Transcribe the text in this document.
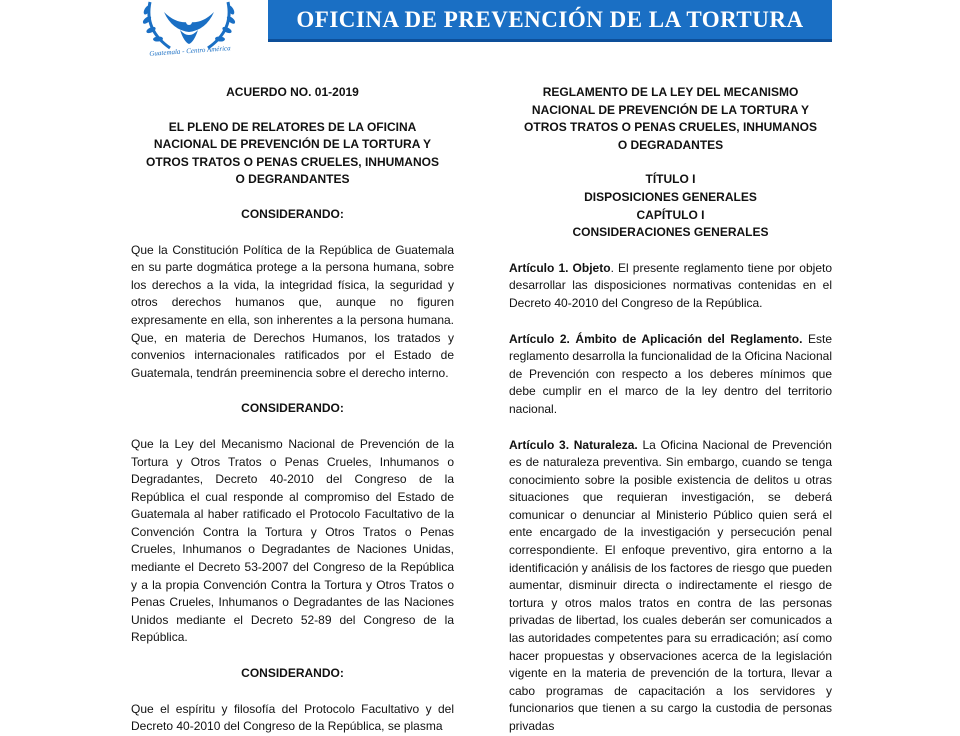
Guatemala - Centro América
OFICINA DE PREVENCIÓN DE LA TORTURA
ACUERDO NO. 01-2019
EL PLENO DE RELATORES DE LA OFICINA
NACIONAL DE PREVENCIÓN DE LA TORTURA Y
OTROS TRATOS O PENAS CRUELES, INHUMANOS
O DEGRANDANTES
CONSIDERANDO:

Que la Constitución Política de la República de Guatemala en su parte dogmática protege a la persona humana, sobre los derechos a la vida, la integridad física, la seguridad y otros derechos humanos que, aunque no figuren expresamente en ella, son inherentes a la persona humana. Que, en materia de Derechos Humanos, los tratados y convenios internacionales ratificados por el Estado de Guatemala, tendrán preeminencia sobre el derecho interno.

CONSIDERANDO:

Que la Ley del Mecanismo Nacional de Prevención de la Tortura y Otros Tratos o Penas Crueles, Inhumanos o Degradantes, Decreto 40-2010 del Congreso de la República el cual responde al compromiso del Estado de Guatemala al haber ratificado el Protocolo Facultativo de la Convención Contra la Tortura y Otros Tratos o Penas Crueles, Inhumanos o Degradantes de Naciones Unidas, mediante el Decreto 53-2007 del Congreso de la República y a la propia Convención Contra la Tortura y Otros Tratos o Penas Crueles, Inhumanos o Degradantes de las Naciones Unidos mediante el Decreto 52-89 del Congreso de la República.

CONSIDERANDO:

Que el espíritu y filosofía del Protocolo Facultativo y del Decreto 40-2010 del Congreso de la República, se plasma

REGLAMENTO DE LA LEY DEL MECANISMO
NACIONAL DE PREVENCIÓN DE LA TORTURA Y
OTROS TRATOS O PENAS CRUELES, INHUMANOS
O DEGRADANTES
TÍTULO I
DISPOSICIONES GENERALES
CAPÍTULO I
CONSIDERACIONES GENERALES

Artículo 1. Objeto. El presente reglamento tiene por objeto desarrollar las disposiciones normativas contenidas en el Decreto 40-2010 del Congreso de la República.

Artículo 2. Ámbito de Aplicación del Reglamento. Este reglamento desarrolla la funcionalidad de la Oficina Nacional de Prevención con respecto a los deberes mínimos que debe cumplir en el marco de la ley dentro del territorio nacional.

Artículo 3. Naturaleza. La Oficina Nacional de Prevención es de naturaleza preventiva. Sin embargo, cuando se tenga conocimiento sobre la posible existencia de delitos u otras situaciones que requieran investigación, se deberá comunicar o denunciar al Ministerio Público quien será el ente encargado de la investigación y persecución penal correspondiente. El enfoque preventivo, gira entorno a la identificación y análisis de los factores de riesgo que pueden aumentar, disminuir directa o indirectamente el riesgo de tortura y otros malos tratos en contra de las personas privadas de libertad, los cuales deberán ser comunicados a las autoridades competentes para su erradicación; así como hacer propuestas y observaciones acerca de la legislación vigente en la materia de prevención de la tortura, llevar a cabo programas de capacitación a los servidores y funcionarios que tienen a su cargo la custodia de personas privadas
